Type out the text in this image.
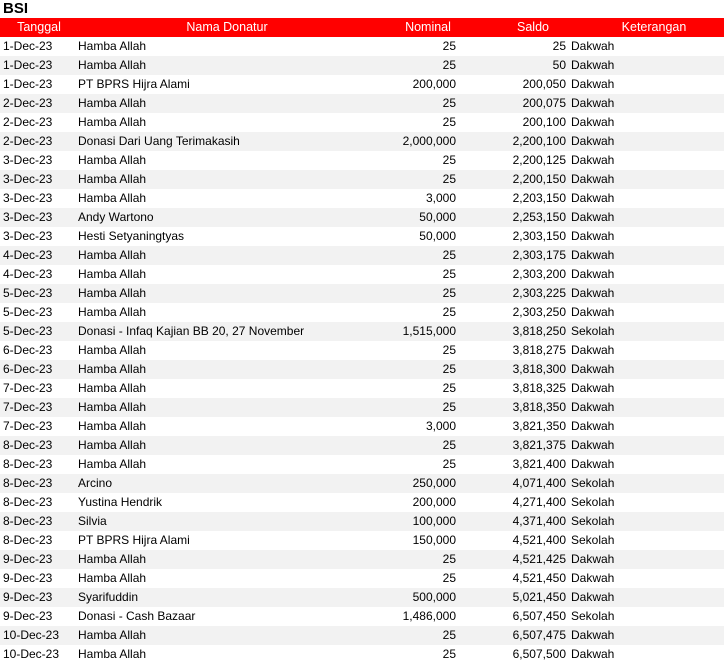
BSI
Tanggal	Nama Donatur	Nominal	Saldo	Keterangan
1-Dec-23	Hamba Allah	25	25 Dakwah
1-Dec-23	Hamba Allah	25	50 Dakwah
1-Dec-23	PT BPRS Hijra Alami	200,000	200,050 Dakwah
2-Dec-23	Hamba Allah	25	200,075 Dakwah
2-Dec-23	Hamba Allah	25	200,100 Dakwah
2-Dec-23	Donasi Dari Uang Terimakasih	2,000,000	2,200,100 Dakwah
3-Dec-23	Hamba Allah	25	2,200,125 Dakwah
3-Dec-23	Hamba Allah	25	2,200,150 Dakwah
3-Dec-23	Hamba Allah	3,000	2,203,150 Dakwah
3-Dec-23	Andy Wartono	50,000	2,253,150 Dakwah
3-Dec-23	Hesti Setyaningtyas	50,000	2,303,150 Dakwah
4-Dec-23	Hamba Allah	25	2,303,175 Dakwah
4-Dec-23	Hamba Allah	25	2,303,200 Dakwah
5-Dec-23	Hamba Allah	25	2,303,225 Dakwah
5-Dec-23	Hamba Allah	25	2,303,250 Dakwah
5-Dec-23	Donasi - Infaq Kajian BB 20, 27 November	1,515,000	3,818,250 Sekolah
6-Dec-23	Hamba Allah	25	3,818,275 Dakwah
6-Dec-23	Hamba Allah	25	3,818,300 Dakwah
7-Dec-23	Hamba Allah	25	3,818,325 Dakwah
7-Dec-23	Hamba Allah	25	3,818,350 Dakwah
7-Dec-23	Hamba Allah	3,000	3,821,350 Dakwah
8-Dec-23	Hamba Allah	25	3,821,375 Dakwah
8-Dec-23	Hamba Allah	25	3,821,400 Dakwah
8-Dec-23	Arcino	250,000	4,071,400 Sekolah
8-Dec-23	Yustina Hendrik	200,000	4,271,400 Sekolah
8-Dec-23	Silvia	100,000	4,371,400 Sekolah
8-Dec-23	PT BPRS Hijra Alami	150,000	4,521,400 Sekolah
9-Dec-23	Hamba Allah	25	4,521,425 Dakwah
9-Dec-23	Hamba Allah	25	4,521,450 Dakwah
9-Dec-23	Syarifuddin	500,000	5,021,450 Dakwah
9-Dec-23	Donasi - Cash Bazaar	1,486,000	6,507,450 Sekolah
10-Dec-23	Hamba Allah	25	6,507,475 Dakwah
10-Dec-23	Hamba Allah	25	6,507,500 Dakwah
